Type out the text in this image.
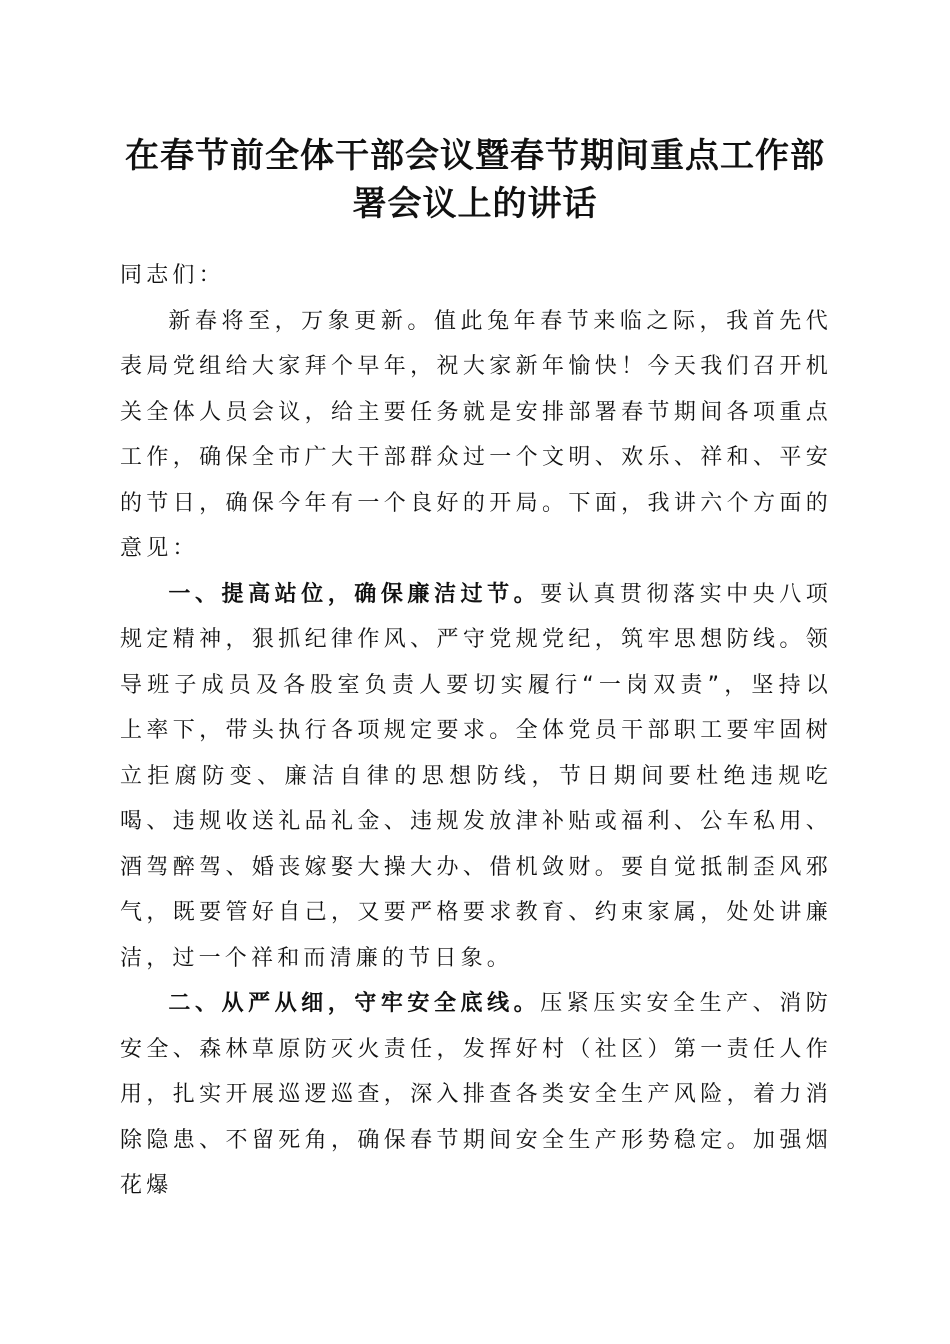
在春节前全体干部会议暨春节期间重点工作部署会议上的讲话

同志们：

新春将至，万象更新。值此兔年春节来临之际，我首先代表局党组给大家拜个早年，祝大家新年愉快！今天我们召开机关全体人员会议，给主要任务就是安排部署春节期间各项重点工作，确保全市广大干部群众过一个文明、欢乐、祥和、平安的节日，确保今年有一个良好的开局。下面，我讲六个方面的意见：

一、提高站位，确保廉洁过节。要认真贯彻落实中央八项规定精神，狠抓纪律作风、严守党规党纪，筑牢思想防线。领导班子成员及各股室负责人要切实履行“一岗双责”，坚持以上率下，带头执行各项规定要求。全体党员干部职工要牢固树立拒腐防变、廉洁自律的思想防线，节日期间要杜绝违规吃喝、违规收送礼品礼金、违规发放津补贴或福利、公车私用、酒驾醉驾、婚丧嫁娶大操大办、借机敛财。要自觉抵制歪风邪气，既要管好自己，又要严格要求教育、约束家属，处处讲廉洁，过一个祥和而清廉的节日象。

二、从严从细，守牢安全底线。压紧压实安全生产、消防安全、森林草原防灭火责任，发挥好村（社区）第一责任人作用，扎实开展巡逻巡查，深入排查各类安全生产风险，着力消除隐患、不留死角，确保春节期间安全生产形势稳定。加强烟花爆
